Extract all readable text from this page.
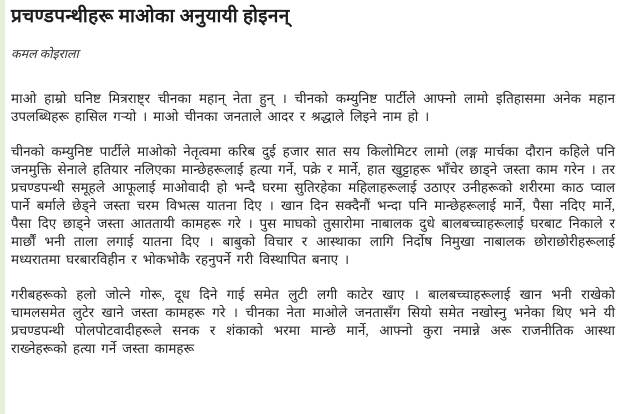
प्रचण्डपन्थीहरू माओका अनुयायी होइनन्
कमल कोइराला

माओ हाम्रो घनिष्ट मित्रराष्ट्र चीनका महान् नेता हुन् । चीनको कम्युनिष्ट पार्टीले आफ्नो लामो इतिहासमा अनेक महान उपलब्धिहरू हासिल गऱ्यो । माओ चीनका जनताले आदर र श्रद्धाले लिइने नाम हो ।

चीनको कम्युनिष्ट पार्टीले माओको नेतृत्वमा करिब दुई हजार सात सय किलोमिटर लामो (लङ्ग मार्चका दौरान कहिले पनि जनमुक्ति सेनाले हतियार नलिएका मान्छेहरूलाई हत्या गर्ने, पक्रे र मार्ने, हात खुट्टाहरू भाँचेर छाड्ने जस्ता काम गरेन । तर प्रचण्डपन्थी समूहले आफूलाई माओवादी हो भन्दै घरमा सुतिरहेका महिलाहरूलाई उठाएर उनीहरूको शरीरमा काठ प्वाल पार्ने बर्माले छेड्ने जस्ता चरम विभत्स यातना दिए । खान दिन सक्दैनौं भन्दा पनि मान्छेहरूलाई मार्ने, पैसा नदिए मार्ने, पैसा दिए छाड्ने जस्ता आततायी कामहरू गरे । पुस माघको तुसारोमा नाबालक दुधे बालबच्चाहरूलाई घरबाट निकाले र मार्छौं भनी ताला लगाई यातना दिए । बाबुको विचार र आस्थाका लागि निर्दोष निमुखा नाबालक छोराछोरीहरूलाई मध्यरातमा घरबारविहीन र भोकभोकै रहनुपर्ने गरी विस्थापित बनाए ।

गरीबहरूको हलो जोत्ने गोरू, दूध दिने गाई समेत लुटी लगी काटेर खाए । बालबच्चाहरूलाई खान भनी राखेको चामलसमेत लुटेर खाने जस्ता कामहरू गरे । चीनका नेता माओले जनतासँग सियो समेत नखोस्नु भनेका थिए भने यी प्रचण्डपन्थी पोलपोटवादीहरूले सनक र शंकाको भरमा मान्छे मार्ने, आफ्नो कुरा नमान्ने अरू राजनीतिक आस्था राख्नेहरूको हत्या गर्ने जस्ता कामहरू
